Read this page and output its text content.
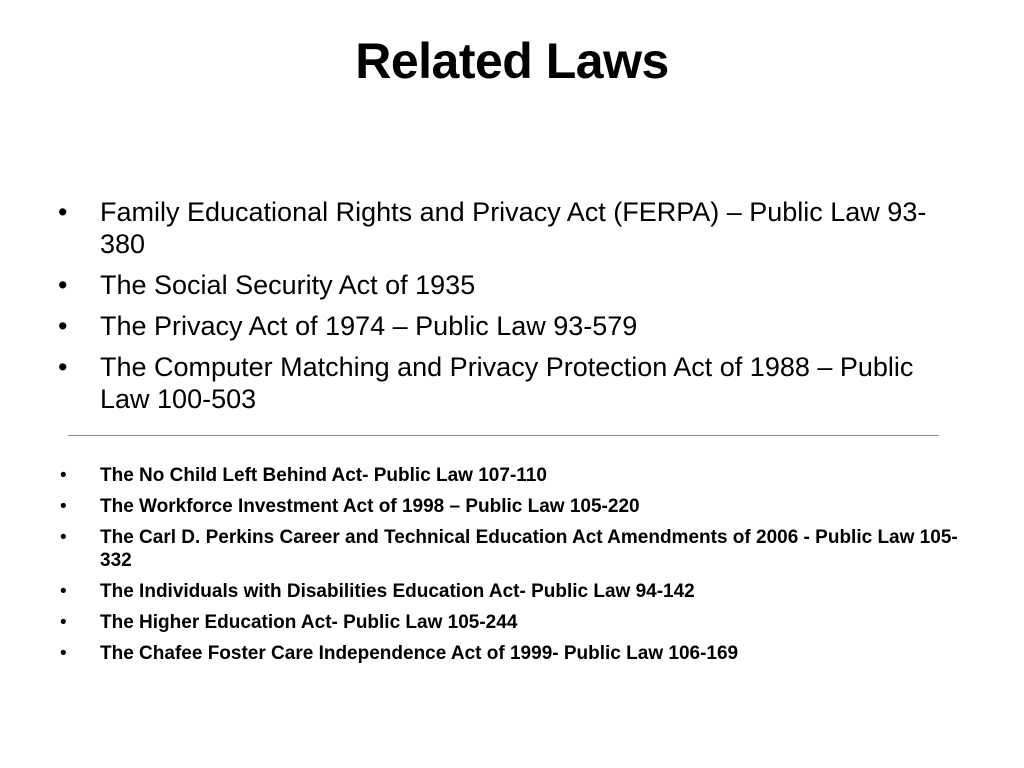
Related Laws
•	Family Educational Rights and Privacy Act (FERPA) – Public Law 93-380
•	The Social Security Act of 1935
•	The Privacy Act of 1974 – Public Law 93-579
•	The Computer Matching and Privacy Protection Act of 1988 – Public Law 100-503
• The No Child Left Behind Act- Public Law 107-110
• The Workforce Investment Act of 1998 – Public Law 105-220
• The Carl D. Perkins Career and Technical Education Act Amendments of 2006 - Public Law 105-332
• The Individuals with Disabilities Education Act- Public Law 94-142
• The Higher Education Act- Public Law 105-244
• The Chafee Foster Care Independence Act of 1999- Public Law 106-169
